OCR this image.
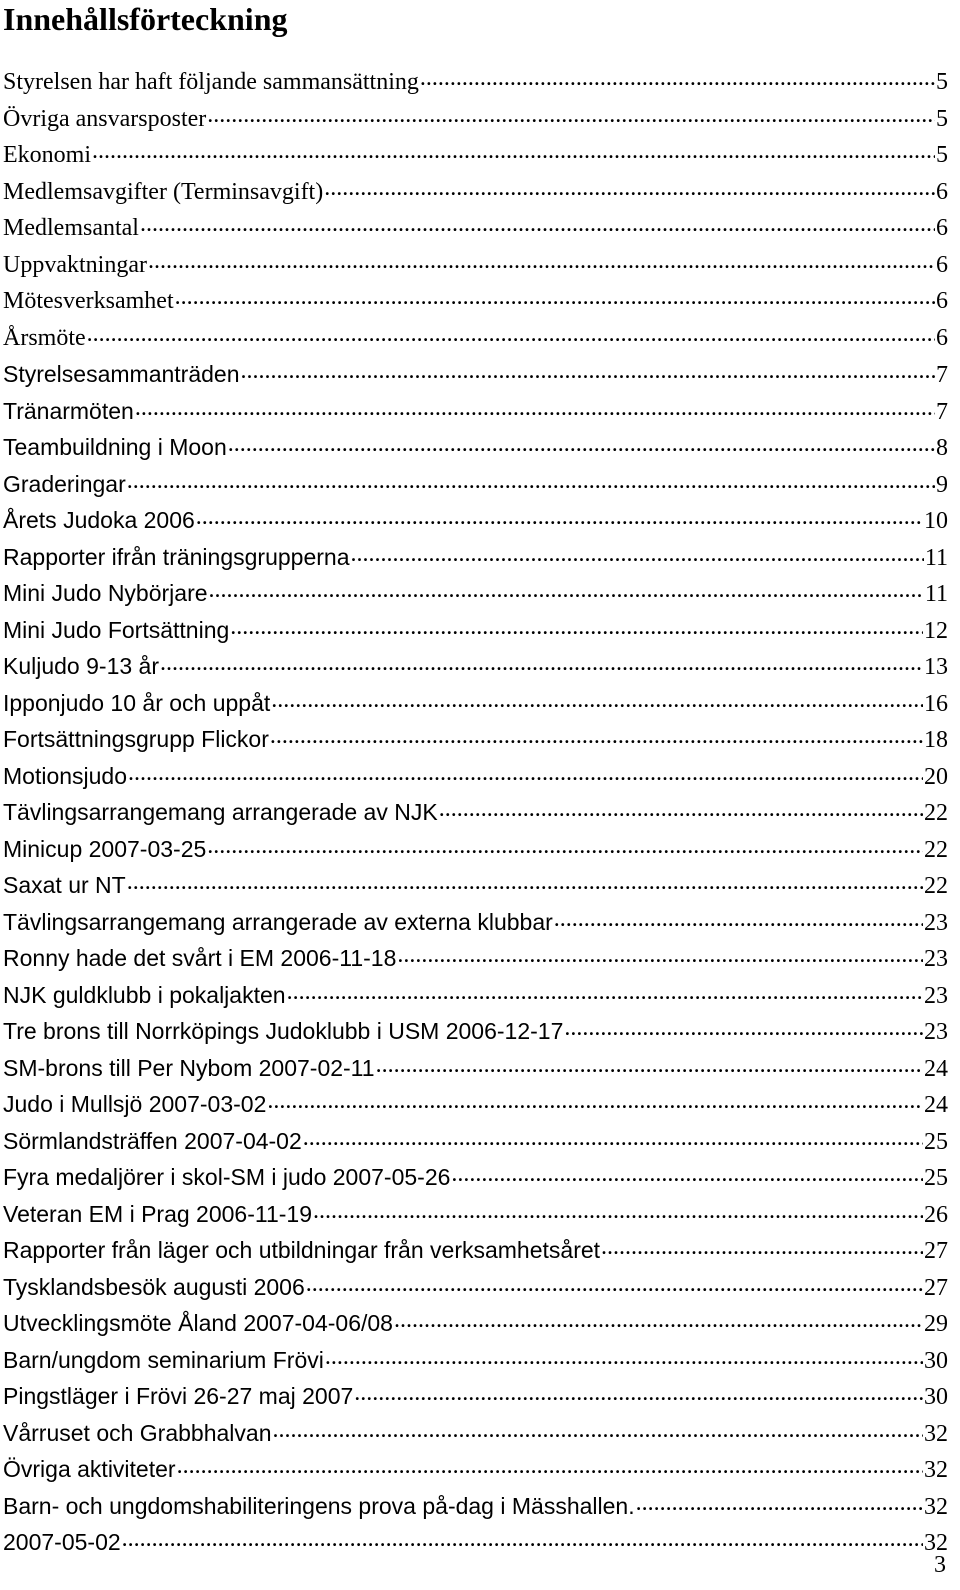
Innehållsförteckning
Styrelsen har haft följande sammansättning .....	5
Övriga ansvarsposter .....	5
Ekonomi .....	5
Medlemsavgifter (Terminsavgift) .....	6
Medlemsantal .....	6
Uppvaktningar .....	6
Mötesverksamhet .....	6
Årsmöte .....	6
Styrelsesammanträden .....	7
Tränarmöten .....	7
Teambuildning i Moon .....	8
Graderingar .....	9
Årets Judoka 2006 .....	10
Rapporter ifrån träningsgrupperna .....	11
Mini Judo Nybörjare .....	11
Mini Judo Fortsättning .....	12
Kuljudo 9-13 år .....	13
Ipponjudo 10 år och uppåt .....	16
Fortsättningsgrupp Flickor .....	18
Motionsjudo .....	20
Tävlingsarrangemang arrangerade av NJK .....	22
Minicup 2007-03-25 .....	22
Saxat ur NT .....	22
Tävlingsarrangemang arrangerade av externa klubbar .....	23
Ronny hade det svårt i EM 2006-11-18 .....	23
NJK guldklubb i pokaljakten .....	23
Tre brons till Norrköpings Judoklubb i USM 2006-12-17 .....	23
SM-brons till Per Nybom 2007-02-11 .....	24
Judo i Mullsjö 2007-03-02 .....	24
Sörmlandsträffen 2007-04-02 .....	25
Fyra medaljörer i skol-SM i judo 2007-05-26 .....	25
Veteran EM i Prag 2006-11-19 .....	26
Rapporter från läger och utbildningar från verksamhetsåret .....	27
Tysklandsbesök augusti 2006 .....	27
Utvecklingsmöte Åland 2007-04-06/08 .....	29
Barn/ungdom seminarium Frövi .....	30
Pingstläger i Frövi 26-27 maj 2007 .....	30
Vårruset och Grabbhalvan .....	32
Övriga aktiviteter .....	32
Barn- och ungdomshabiliteringens prova på-dag i Mässhallen. .....	32
2007-05-02 .....	32
3
